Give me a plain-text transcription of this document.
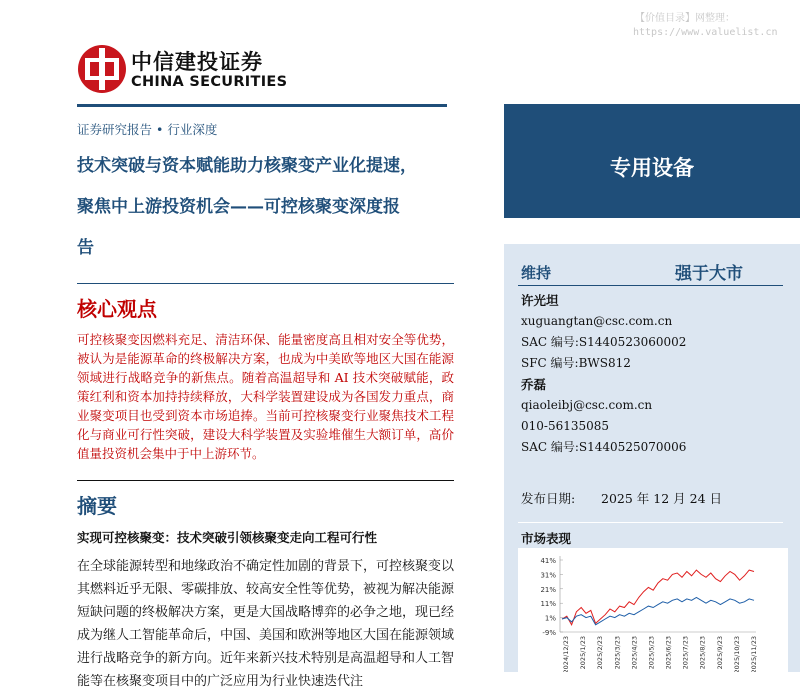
【价值目录】网整理：
https://www.valuelist.cn
中信建投证券
CHINA SECURITIES
证券研究报告 • 行业深度
技术突破与资本赋能助力核聚变产业化提速，
聚焦中上游投资机会——可控核聚变深度报
告
核心观点
可控核聚变因燃料充足、清洁环保、能量密度高且相对安全等优势，被认为是能源革命的终极解决方案，也成为中美欧等地区大国在能源领域进行战略竞争的新焦点。随着高温超导和 AI 技术突破赋能，政策红利和资本加持持续释放，大科学装置建设成为各国发力重点，商业聚变项目也受到资本市场追捧。当前可控核聚变行业聚焦技术工程化与商业可行性突破，建设大科学装置及实验堆催生大额订单，高价值量投资机会集中于中上游环节。
摘要
实现可控核聚变：技术突破引领核聚变走向工程可行性
在全球能源转型和地缘政治不确定性加剧的背景下，可控核聚变以其燃料近乎无限、零碳排放、较高安全性等优势，被视为解决能源短缺问题的终极解决方案，更是大国战略博弈的必争之地，现已经成为继人工智能革命后，中国、美国和欧洲等地区大国在能源领域进行战略竞争的新方向。近年来新兴技术特别是高温超导和人工智能等在核聚变项目中的广泛应用为行业快速迭代注
专用设备
维持	强于大市
许光坦
xuguangtan@csc.com.cn
SAC 编号:S1440523060002
SFC 编号:BWS812
乔磊
qiaoleibj@csc.com.cn
010-56135085
SAC 编号:S1440525070006
发布日期: 2025 年 12 月 24 日
市场表现
41%
31%
21%
11%
1%
-9%
2024/12/23 2025/1/23 2025/2/23 2025/3/23 2025/4/23 2025/5/23 2025/6/23 2025/7/23 2025/8/23 2025/9/23 2025/10/23 2025/11/23
